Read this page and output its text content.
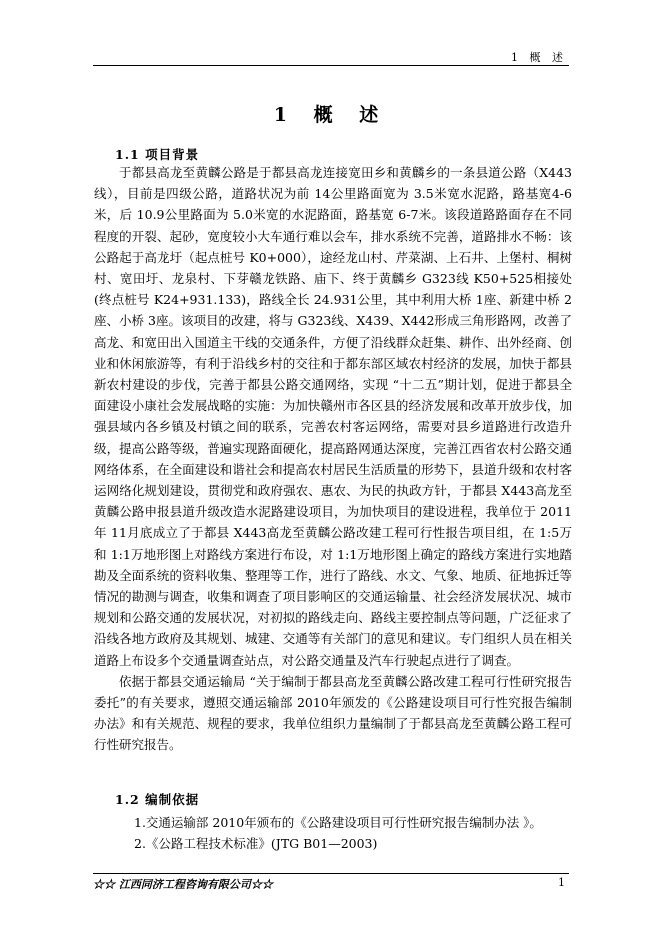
1 概 述
1 概 述
1.1 项目背景

于都县高龙至黄麟公路是于都县高龙连接宽田乡和黄麟乡的一条县道公路（X443线），目前是四级公路，道路状况为前 14公里路面宽为 3.5米宽水泥路，路基宽4-6米，后 10.9公里路面为 5.0米宽的水泥路面，路基宽 6-7米。该段道路路面存在不同程度的开裂、起砂，宽度较小大车通行难以会车，排水系统不完善，道路排水不畅：该公路起于高龙圩（起点桩号 K0+000），途经龙山村、芹菜湖、上石井、上堡村、桐树村、宽田圩、龙泉村、下芽赣龙铁路、庙下、终于黄麟乡 G323线 K50+525相接处(终点桩号 K24+931.133)，路线全长 24.931公里，其中利用大桥 1座、新建中桥 2座、小桥 3座。该项目的改建，将与 G323线、X439、X442形成三角形路网，改善了高龙、和宽田出入国道主干线的交通条件，方便了沿线群众赶集、耕作、出外经商、创业和休闲旅游等，有利于沿线乡村的交往和于都东部区域农村经济的发展，加快于都县新农村建设的步伐，完善于都县公路交通网络，实现 “十二五”期计划，促进于都县全面建设小康社会发展战略的实施：为加快赣州市各区县的经济发展和改革开放步伐，加强县域内各乡镇及村镇之间的联系，完善农村客运网络，需要对县乡道路进行改造升级，提高公路等级，普遍实现路面硬化，提高路网通达深度，完善江西省农村公路交通网络体系，在全面建设和谐社会和提高农村居民生活质量的形势下，县道升级和农村客运网络化规划建设，贯彻党和政府强农、惠农、为民的执政方针，于都县 X443高龙至黄麟公路申报县道升级改造水泥路建设项目，为加快项目的建设进程，我单位于 2011年 11月底成立了于都县 X443高龙至黄麟公路改建工程可行性报告项目组，在 1:5万和 1:1万地形图上对路线方案进行布设，对 1:1万地形图上确定的路线方案进行实地踏勘及全面系统的资料收集、整理等工作，进行了路线、水文、气象、地质、征地拆迁等情况的勘测与调查，收集和调查了项目影响区的交通运输量、社会经济发展状况、城市规划和公路交通的发展状况，对初拟的路线走向、路线主要控制点等问题，广泛征求了沿线各地方政府及其规划、城建、交通等有关部门的意见和建议。专门组织人员在相关道路上布设多个交通量调查站点，对公路交通量及汽车行驶起点进行了调查。

依据于都县交通运输局 “关于编制于都县高龙至黄麟公路改建工程可行性研究报告委托”的有关要求，遵照交通运输部 2010年颁发的《公路建设项目可行性究报告编制办法》和有关规范、规程的要求，我单位组织力量编制了于都县高龙至黄麟公路工程可行性研究报告。

1.2 编制依据
1.交通运输部 2010年颁布的《公路建设项目可行性研究报告编制办法 》。
2.《公路工程技术标准》(JTG B01—2003)
☆☆ 江西同济工程咨询有限公司☆☆	1
